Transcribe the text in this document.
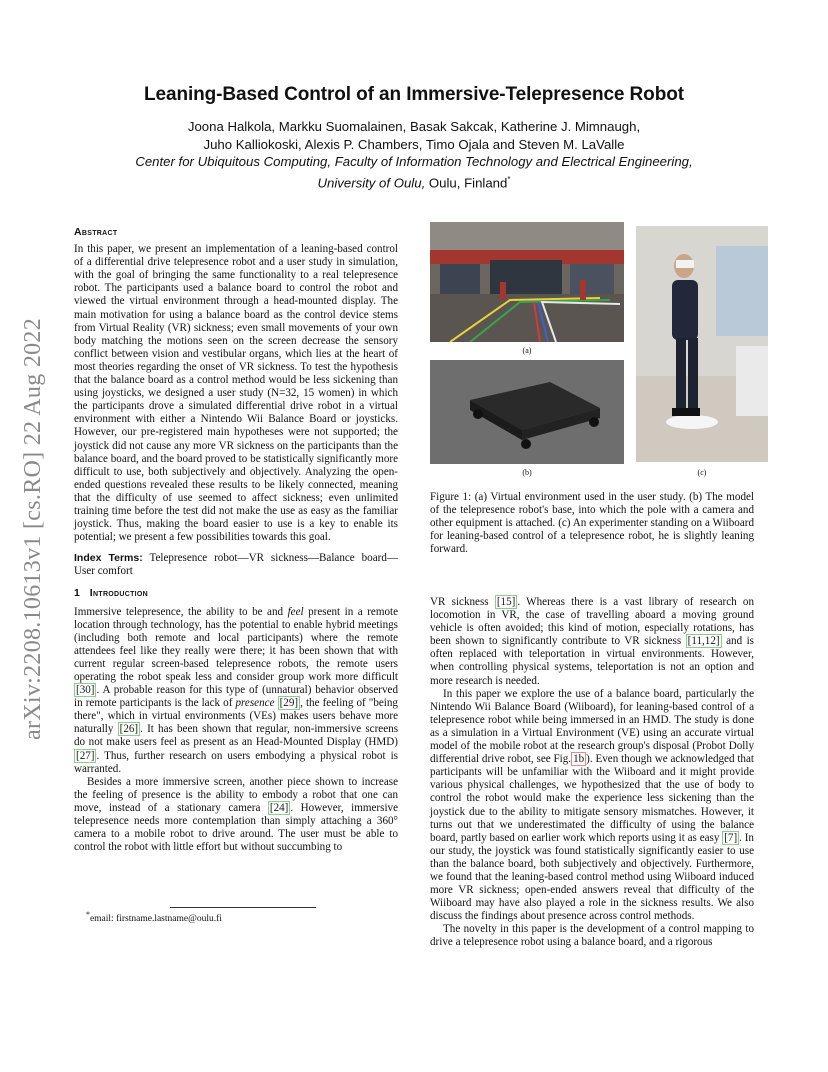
Leaning-Based Control of an Immersive-Telepresence Robot
Joona Halkola, Markku Suomalainen, Basak Sakcak, Katherine J. Mimnaugh,
Juho Kalliokoski, Alexis P. Chambers, Timo Ojala and Steven M. LaValle
Center for Ubiquitous Computing, Faculty of Information Technology and Electrical Engineering,
University of Oulu, Oulu, Finland*
arXiv:2208.10613v1 [cs.RO] 22 Aug 2022
Abstract

In this paper, we present an implementation of a leaning-based control of a differential drive telepresence robot and a user study in simulation, with the goal of bringing the same functionality to a real telepresence robot. The participants used a balance board to control the robot and viewed the virtual environment through a head-mounted display. The main motivation for using a balance board as the control device stems from Virtual Reality (VR) sickness; even small movements of your own body matching the motions seen on the screen decrease the sensory conflict between vision and vestibular organs, which lies at the heart of most theories regarding the onset of VR sickness. To test the hypothesis that the balance board as a control method would be less sickening than using joysticks, we designed a user study (N=32, 15 women) in which the participants drove a simulated differential drive robot in a virtual environment with either a Nintendo Wii Balance Board or joysticks. However, our pre-registered main hypotheses were not supported; the joystick did not cause any more VR sickness on the participants than the balance board, and the board proved to be statistically significantly more difficult to use, both subjectively and objectively. Analyzing the open-ended questions revealed these results to be likely connected, meaning that the difficulty of use seemed to affect sickness; even unlimited training time before the test did not make the use as easy as the familiar joystick. Thus, making the board easier to use is a key to enable its potential; we present a few possibilities towards this goal.

Index Terms: Telepresence robot—VR sickness—Balance board—User comfort

1 Introduction

Immersive telepresence, the ability to be and feel present in a remote location through technology, has the potential to enable hybrid meetings (including both remote and local participants) where the remote attendees feel like they really were there; it has been shown that with current regular screen-based telepresence robots, the remote users operating the robot speak less and consider group work more difficult [30] . A probable reason for this type of (unnatural) behavior observed in remote participants is the lack of presence [29] , the feeling of "being there", which in virtual environments (VEs) makes users behave more naturally [26] . It has been shown that regular, non-immersive screens do not make users feel as present as an Head-Mounted Display (HMD) [27] . Thus, further research on users embodying a physical robot is warranted.

Besides a more immersive screen, another piece shown to increase the feeling of presence is the ability to embody a robot that one can move, instead of a stationary camera [24] . However, immersive telepresence needs more contemplation than simply attaching a 360° camera to a mobile robot to drive around. The user must be able to control the robot with little effort but without succumbing to

*email: firstname.lastname@oulu.fi
(a)
(b)	(c)
Figure 1: (a) Virtual environment used in the user study. (b) The model of the telepresence robot's base, into which the pole with a camera and other equipment is attached. (c) An experimenter standing on a Wiiboard for leaning-based control of a telepresence robot, he is slightly leaning forward.

VR sickness [15] . Whereas there is a vast library of research on locomotion in VR, the case of travelling aboard a moving ground vehicle is often avoided; this kind of motion, especially rotations, has been shown to significantly contribute to VR sickness [11,12] and is often replaced with teleportation in virtual environments. However, when controlling physical systems, teleportation is not an option and more research is needed.

In this paper we explore the use of a balance board, particularly the Nintendo Wii Balance Board (Wiiboard), for leaning-based control of a telepresence robot while being immersed in an HMD. The study is done as a simulation in a Virtual Environment (VE) using an accurate virtual model of the mobile robot at the research group's disposal (Probot Dolly differential drive robot, see Fig. 1b ). Even though we acknowledged that participants will be unfamiliar with the Wiiboard and it might provide various physical challenges, we hypothesized that the use of body to control the robot would make the experience less sickening than the joystick due to the ability to mitigate sensory mismatches. However, it turns out that we underestimated the difficulty of using the balance board, partly based on earlier work which reports using it as easy [7] . In our study, the joystick was found statistically significantly easier to use than the balance board, both subjectively and objectively. Furthermore, we found that the leaning-based control method using Wiiboard induced more VR sickness; open-ended answers reveal that difficulty of the Wiiboard may have also played a role in the sickness results. We also discuss the findings about presence across control methods.

The novelty in this paper is the development of a control mapping to drive a telepresence robot using a balance board, and a rigorous
